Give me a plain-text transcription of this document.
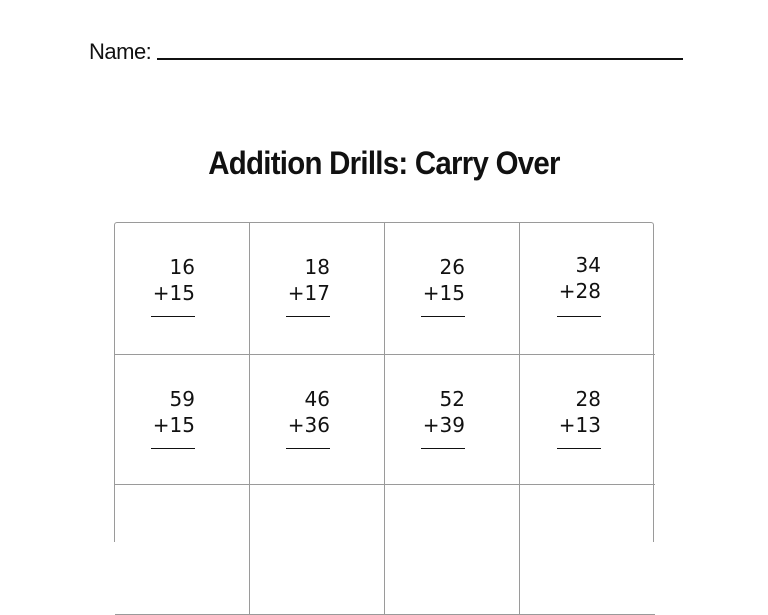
Name:
Addition Drills: Carry Over
16
+15
18
+17
26
+15
34
+28
59
+15
46
+36
52
+39
28
+13
